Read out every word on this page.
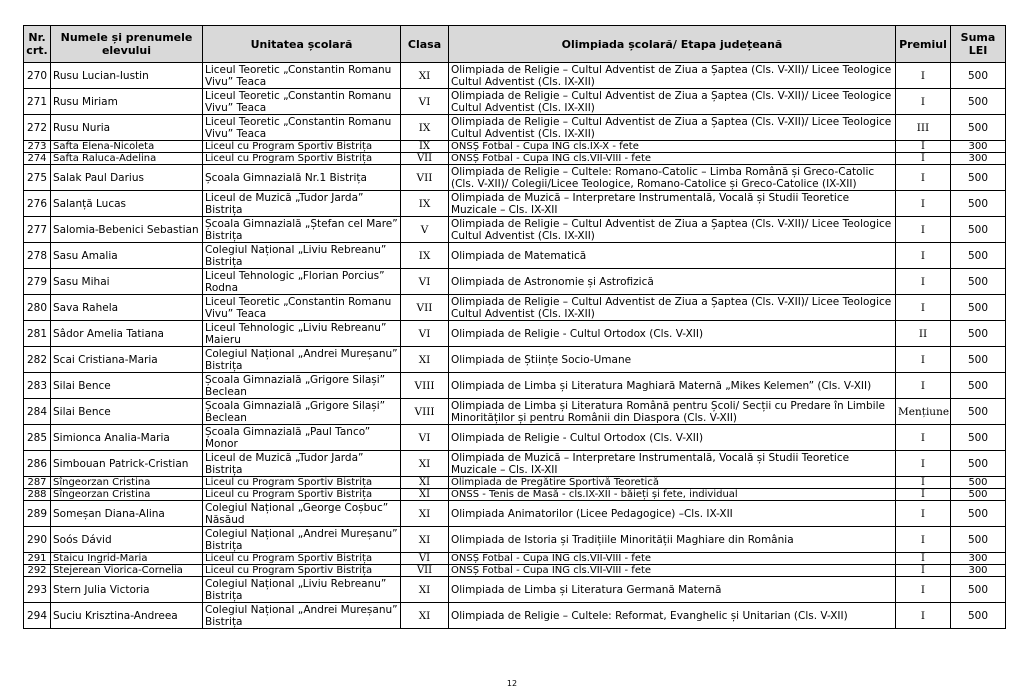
Nr. crt.	Numele și prenumele elevului	Unitatea școlară	Clasa	Olimpiada școlară/ Etapa județeană	Premiul	Suma LEI
270	Rusu Lucian-Iustin	Liceul Teoretic „Constantin Romanu Vivu” Teaca	XI	Olimpiada de Religie – Cultul Adventist de Ziua a Șaptea (Cls. V-XII)/ Licee Teologice Cultul Adventist (Cls. IX-XII)	I	500
271	Rusu Miriam	Liceul Teoretic „Constantin Romanu Vivu” Teaca	VI	Olimpiada de Religie – Cultul Adventist de Ziua a Șaptea (Cls. V-XII)/ Licee Teologice Cultul Adventist (Cls. IX-XII)	I	500
272	Rusu Nuria	Liceul Teoretic „Constantin Romanu Vivu” Teaca	IX	Olimpiada de Religie – Cultul Adventist de Ziua a Șaptea (Cls. V-XII)/ Licee Teologice Cultul Adventist (Cls. IX-XII)	III	500
273	Safta Elena-Nicoleta	Liceul cu Program Sportiv Bistrița	IX	ONSȘ Fotbal - Cupa ING cls.IX-X - fete	I	300
274	Safta Raluca-Adelina	Liceul cu Program Sportiv Bistrița	VII	ONSȘ Fotbal - Cupa ING cls.VII-VIII - fete	I	300
275	Salak Paul Darius	Școala Gimnazială Nr.1 Bistrița	VII	Olimpiada de Religie – Cultele: Romano-Catolic – Limba Română și Greco-Catolic (Cls. V-XII)/ Colegii/Licee Teologice, Romano-Catolice și Greco-Catolice (IX-XII)	I	500
276	Salanță Lucas	Liceul de Muzică „Tudor Jarda” Bistrița	IX	Olimpiada de Muzică – Interpretare Instrumentală, Vocală și Studii Teoretice Muzicale – Cls. IX-XII	I	500
277	Salomia-Bebenici Sebastian	Școala Gimnazială „Ștefan cel Mare” Bistrița	V	Olimpiada de Religie – Cultul Adventist de Ziua a Șaptea (Cls. V-XII)/ Licee Teologice Cultul Adventist (Cls. IX-XII)	I	500
278	Sasu Amalia	Colegiul Național „Liviu Rebreanu” Bistrița	IX	Olimpiada de Matematică	I	500
279	Sasu Mihai	Liceul Tehnologic „Florian Porcius” Rodna	VI	Olimpiada de Astronomie și Astrofizică	I	500
280	Sava Rahela	Liceul Teoretic „Constantin Romanu Vivu” Teaca	VII	Olimpiada de Religie – Cultul Adventist de Ziua a Șaptea (Cls. V-XII)/ Licee Teologice Cultul Adventist (Cls. IX-XII)	I	500
281	Sâdor Amelia Tatiana	Liceul Tehnologic „Liviu Rebreanu” Maieru	VI	Olimpiada de Religie - Cultul Ortodox (Cls. V-XII)	II	500
282	Scai Cristiana-Maria	Colegiul Național „Andrei Mureșanu” Bistrița	XI	Olimpiada de Științe Socio-Umane	I	500
283	Silai Bence	Școala Gimnazială „Grigore Silași” Beclean	VIII	Olimpiada de Limba și Literatura Maghiară Maternă „Mikes Kelemen” (Cls. V-XII)	I	500
284	Silai Bence	Școala Gimnazială „Grigore Silași” Beclean	VIII	Olimpiada de Limba și Literatura Română pentru Școli/ Secții cu Predare în Limbile Minorităților și pentru Românii din Diaspora (Cls. V-XII)	Mențiune	500
285	Simionca Analia-Maria	Școala Gimnazială „Paul Tanco” Monor	VI	Olimpiada de Religie - Cultul Ortodox (Cls. V-XII)	I	500
286	Simbouan Patrick-Cristian	Liceul de Muzică „Tudor Jarda” Bistrița	XI	Olimpiada de Muzică – Interpretare Instrumentală, Vocală și Studii Teoretice Muzicale – Cls. IX-XII	I	500
287	Sîngeorzan Cristina	Liceul cu Program Sportiv Bistrița	XI	Olimpiada de Pregătire Sportivă Teoretică	I	500
288	Sîngeorzan Cristina	Liceul cu Program Sportiv Bistrița	XI	ONSS - Tenis de Masă - cls.IX-XII - băieți și fete, individual	I	500
289	Someșan Diana-Alina	Colegiul Național „George Coșbuc” Năsăud	XI	Olimpiada Animatorilor (Licee Pedagogice) –Cls. IX-XII	I	500
290	Soós Dávid	Colegiul Național „Andrei Mureșanu” Bistrița	XI	Olimpiada de Istoria și Tradițiile Minorității Maghiare din România	I	500
291	Staicu Ingrid-Maria	Liceul cu Program Sportiv Bistrița	VI	ONSȘ Fotbal - Cupa ING cls.VII-VIII - fete	I	300
292	Stejerean Viorica-Cornelia	Liceul cu Program Sportiv Bistrița	VII	ONSȘ Fotbal - Cupa ING cls.VII-VIII - fete	I	300
293	Stern Julia Victoria	Colegiul Național „Liviu Rebreanu” Bistrița	XI	Olimpiada de Limba și Literatura Germană Maternă	I	500
294	Suciu Krisztina-Andreea	Colegiul Național „Andrei Mureșanu” Bistrița	XI	Olimpiada de Religie – Cultele: Reformat, Evanghelic și Unitarian (Cls. V-XII)	I	500
12
